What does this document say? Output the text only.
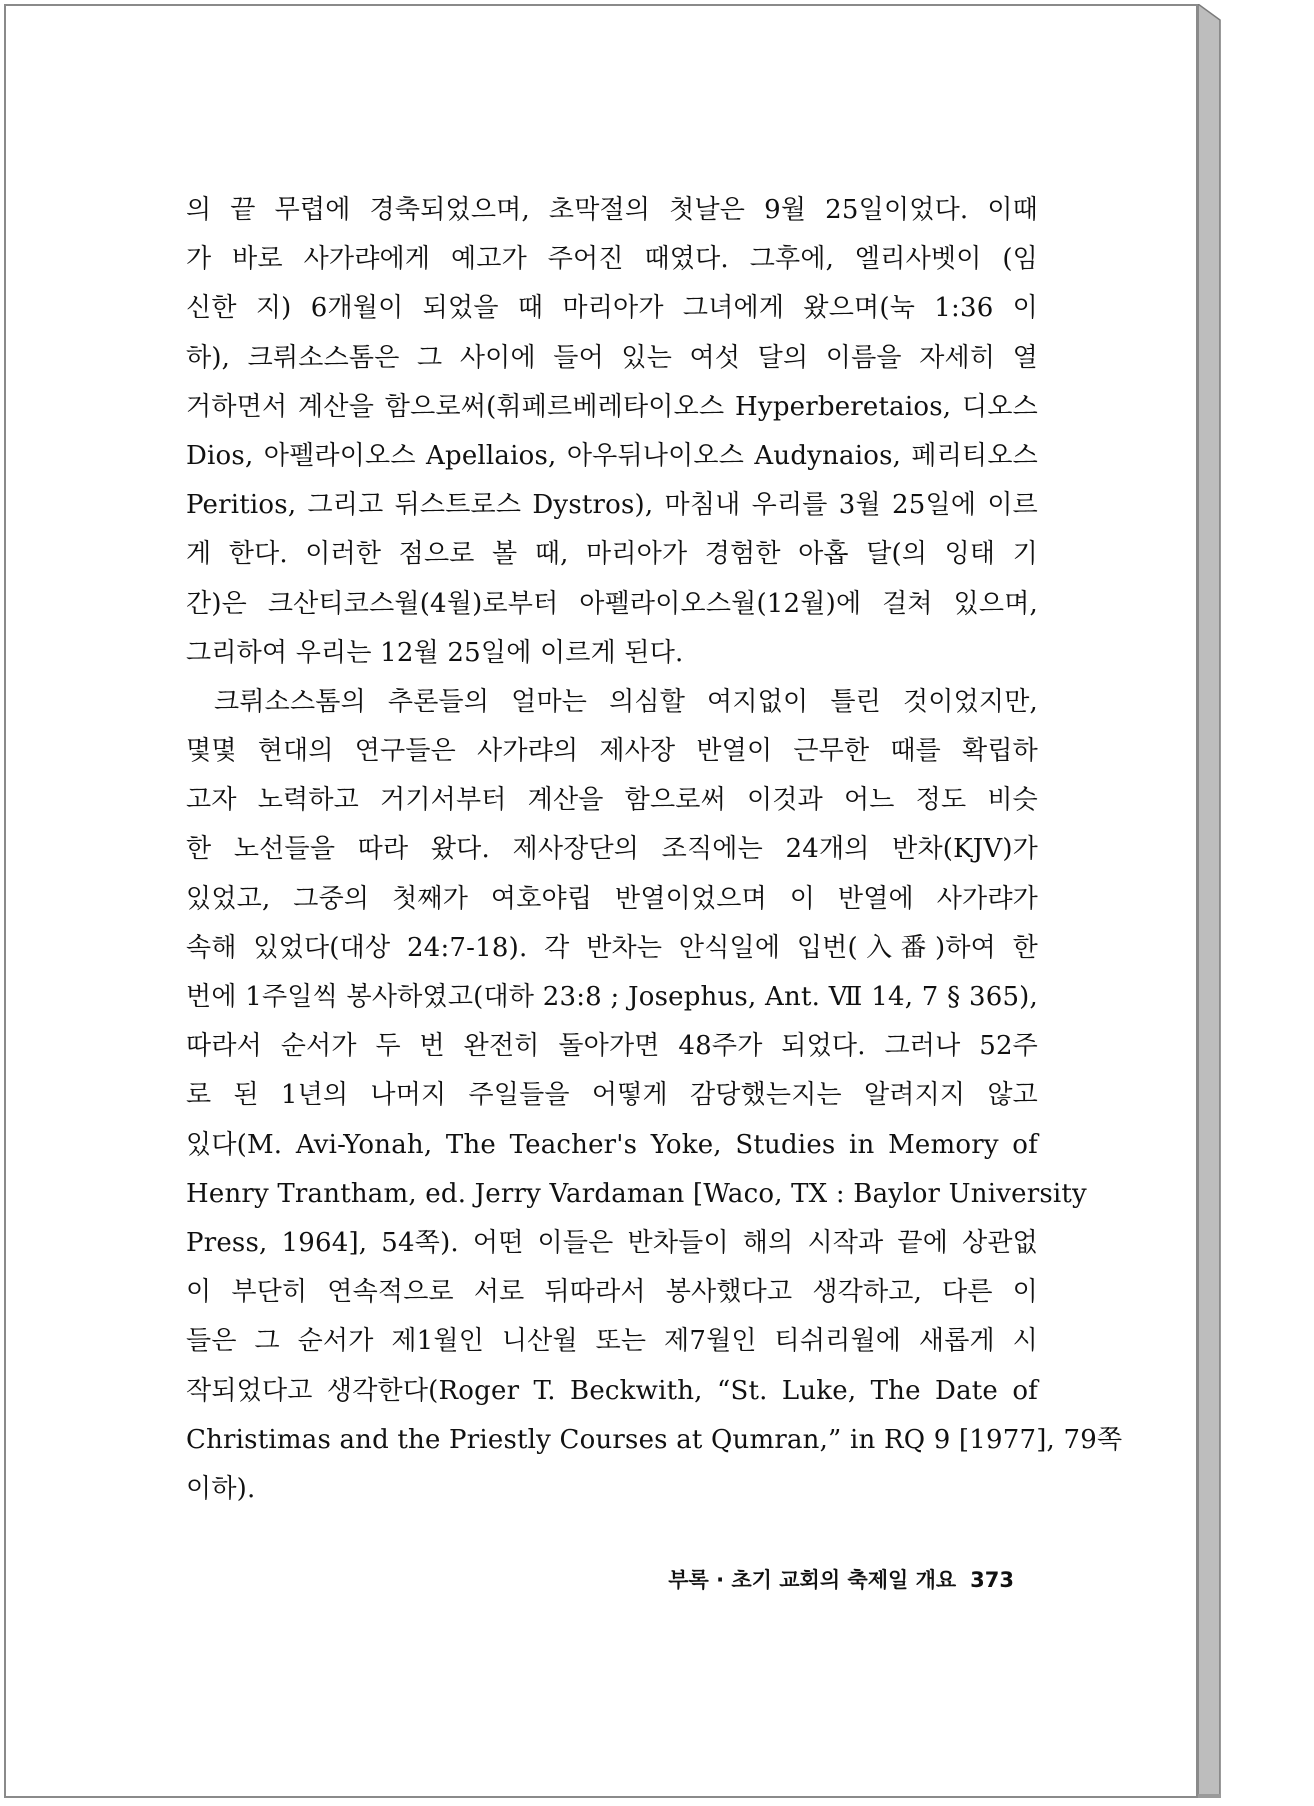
의 끝 무렵에 경축되었으며, 초막절의 첫날은 9월 25일이었다. 이때
가 바로 사가랴에게 예고가 주어진 때였다. 그후에, 엘리사벳이 (임
신한 지) 6개월이 되었을 때 마리아가 그녀에게 왔으며(눅 1:36 이
하), 크뤼소스톰은 그 사이에 들어 있는 여섯 달의 이름을 자세히 열
거하면서 계산을 함으로써(휘페르베레타이오스 Hyperberetaios, 디오스
Dios, 아펠라이오스 Apellaios, 아우뒤나이오스 Audynaios, 페리티오스
Peritios, 그리고 뒤스트로스 Dystros), 마침내 우리를 3월 25일에 이르
게 한다. 이러한 점으로 볼 때, 마리아가 경험한 아홉 달(의 잉태 기
간)은 크산티코스월(4월)로부터 아펠라이오스월(12월)에 걸쳐 있으며,
그리하여 우리는 12월 25일에 이르게 된다.
크뤼소스톰의 추론들의 얼마는 의심할 여지없이 틀린 것이었지만,
몇몇 현대의 연구들은 사가랴의 제사장 반열이 근무한 때를 확립하
고자 노력하고 거기서부터 계산을 함으로써 이것과 어느 정도 비슷
한 노선들을 따라 왔다. 제사장단의 조직에는 24개의 반차(KJV)가
있었고, 그중의 첫째가 여호야립 반열이었으며 이 반열에 사가랴가
속해 있었다(대상 24:7-18). 각 반차는 안식일에 입번(入番)하여 한
번에 1주일씩 봉사하였고(대하 23:8 ; Josephus, Ant. Ⅶ 14, 7 § 365),
따라서 순서가 두 번 완전히 돌아가면 48주가 되었다. 그러나 52주
로 된 1년의 나머지 주일들을 어떻게 감당했는지는 알려지지 않고
있다(M. Avi-Yonah, The Teacher's Yoke, Studies in Memory of
Henry Trantham, ed. Jerry Vardaman [Waco, TX : Baylor University
Press, 1964], 54쪽). 어떤 이들은 반차들이 해의 시작과 끝에 상관없
이 부단히 연속적으로 서로 뒤따라서 봉사했다고 생각하고, 다른 이
들은 그 순서가 제1월인 니산월 또는 제7월인 티쉬리월에 새롭게 시
작되었다고 생각한다(Roger T. Beckwith, “St. Luke, The Date of
Christimas and the Priestly Courses at Qumran,” in RQ 9 [1977], 79쪽
이하).
부록 · 초기 교회의 축제일 개요 373
